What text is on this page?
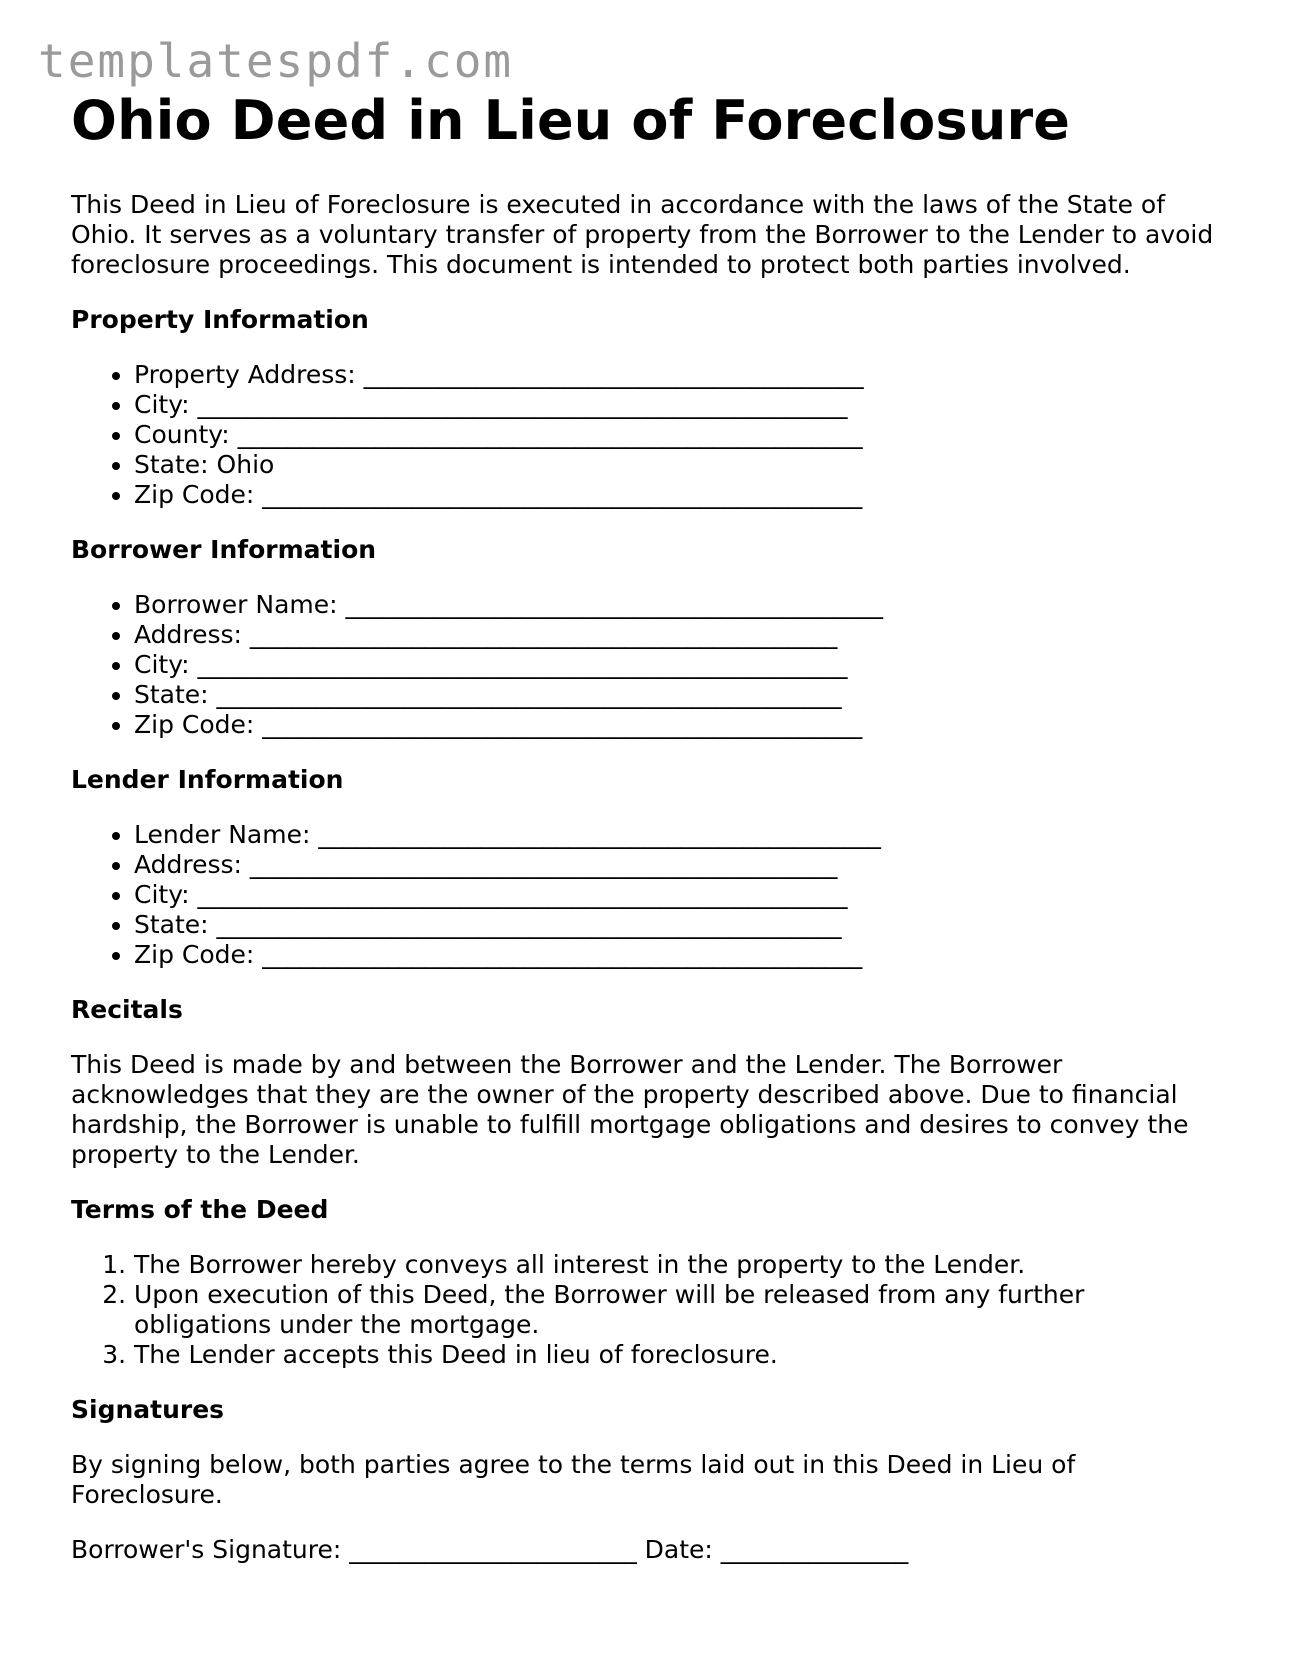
templatespdf.com
Ohio Deed in Lieu of Foreclosure

This Deed in Lieu of Foreclosure is executed in accordance with the laws of the State of Ohio. It serves as a voluntary transfer of property from the Borrower to the Lender to avoid foreclosure proceedings. This document is intended to protect both parties involved.

Property Information
• Property Address: ________________________________________
• City: ____________________________________________________
• County: __________________________________________________
• State: Ohio
• Zip Code: ________________________________________________
Borrower Information
• Borrower Name: ___________________________________________
• Address: _______________________________________________
• City: ____________________________________________________
• State: __________________________________________________
• Zip Code: ________________________________________________
Lender Information
• Lender Name: _____________________________________________
• Address: _______________________________________________
• City: ____________________________________________________
• State: __________________________________________________
• Zip Code: ________________________________________________
Recitals

This Deed is made by and between the Borrower and the Lender. The Borrower acknowledges that they are the owner of the property described above. Due to financial hardship, the Borrower is unable to fulfill mortgage obligations and desires to convey the property to the Lender.

Terms of the Deed
1. The Borrower hereby conveys all interest in the property to the Lender.
2. Upon execution of this Deed, the Borrower will be released from any further obligations under the mortgage.
3. The Lender accepts this Deed in lieu of foreclosure.
Signatures

By signing below, both parties agree to the terms laid out in this Deed in Lieu of Foreclosure.

Borrower's Signature: _______________________ Date: _______________
